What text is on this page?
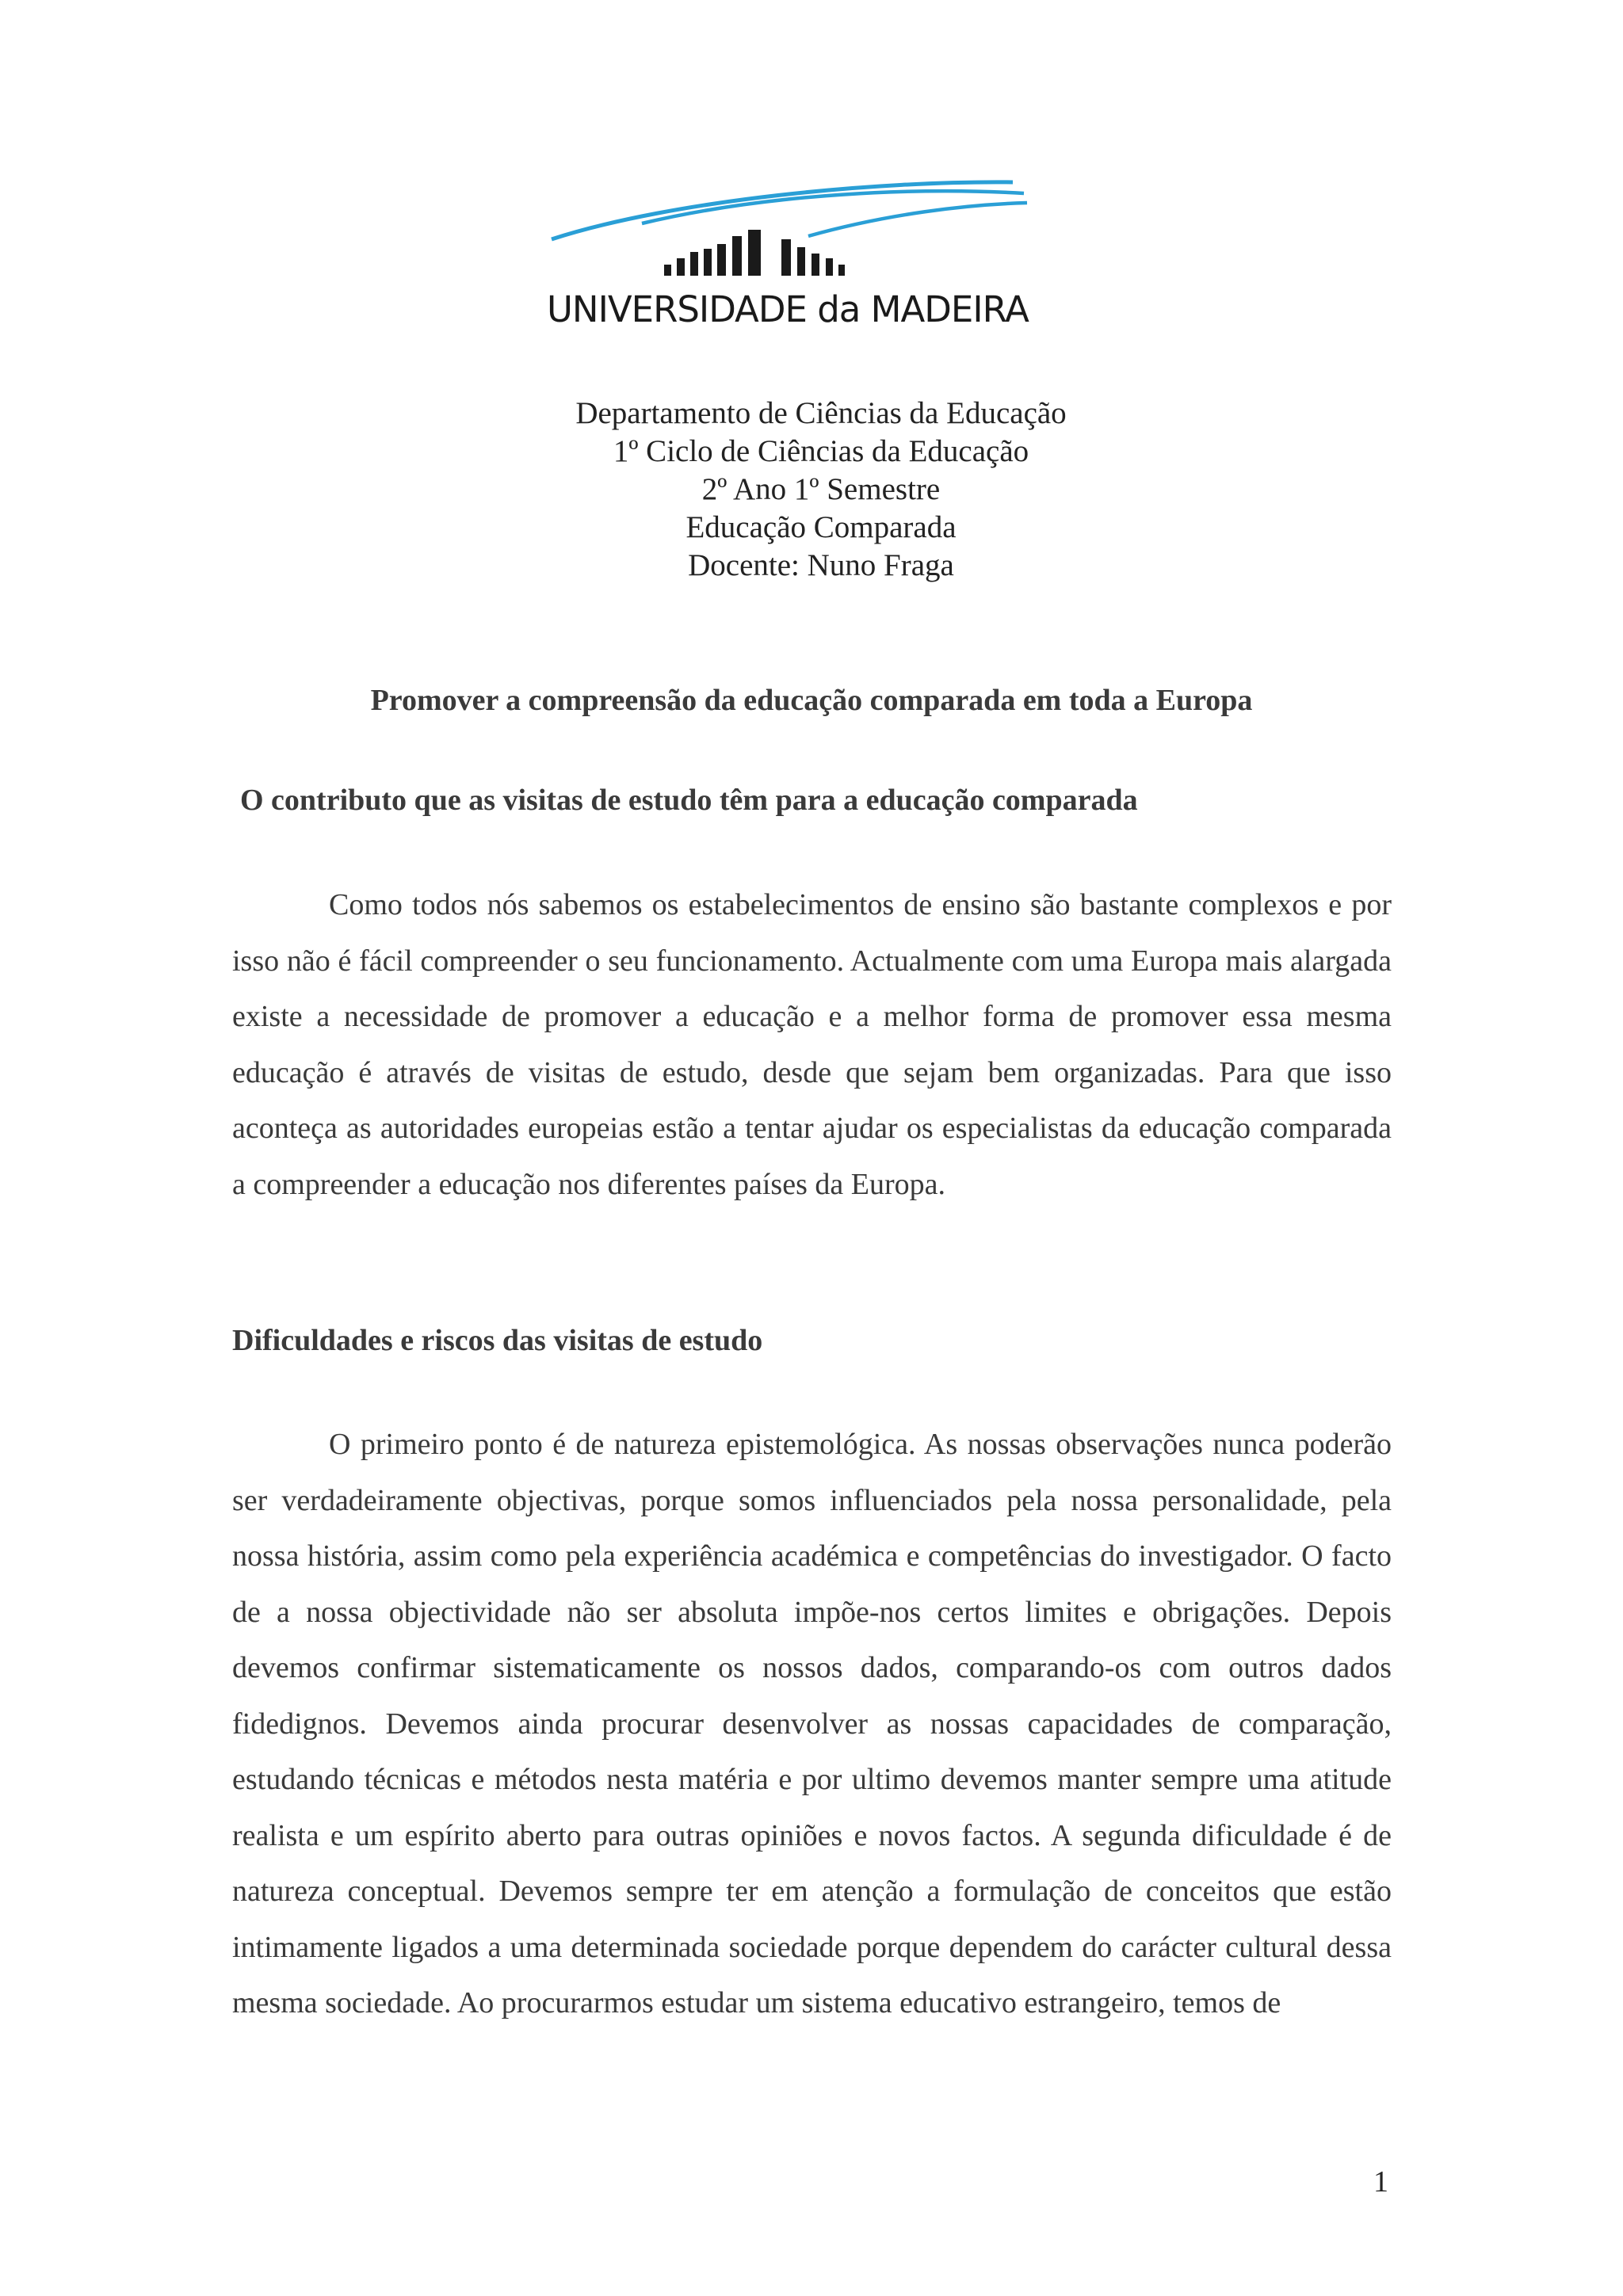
UNIVERSIDADE da MADEIRA
Departamento de Ciências da Educação
1º Ciclo de Ciências da Educação
2º Ano 1º Semestre
Educação Comparada
Docente: Nuno Fraga
Promover a compreensão da educação comparada em toda a Europa
O contributo que as visitas de estudo têm para a educação comparada

Como todos nós sabemos os estabelecimentos de ensino são bastante complexos e por isso não é fácil compreender o seu funcionamento. Actualmente com uma Europa mais alargada existe a necessidade de promover a educação e a melhor forma de promover essa mesma educação é através de visitas de estudo, desde que sejam bem organizadas. Para que isso aconteça as autoridades europeias estão a tentar ajudar os especialistas da educação comparada a compreender a educação nos diferentes países da Europa.

Dificuldades e riscos das visitas de estudo

O primeiro ponto é de natureza epistemológica. As nossas observações nunca poderão ser verdadeiramente objectivas, porque somos influenciados pela nossa personalidade, pela nossa história, assim como pela experiência académica e competências do investigador. O facto de a nossa objectividade não ser absoluta impõe-nos certos limites e obrigações. Depois devemos confirmar sistematicamente os nossos dados, comparando-os com outros dados fidedignos. Devemos ainda procurar desenvolver as nossas capacidades de comparação, estudando técnicas e métodos nesta matéria e por ultimo devemos manter sempre uma atitude realista e um espírito aberto para outras opiniões e novos factos. A segunda dificuldade é de natureza conceptual. Devemos sempre ter em atenção a formulação de conceitos que estão intimamente ligados a uma determinada sociedade porque dependem do carácter cultural dessa mesma sociedade. Ao procurarmos estudar um sistema educativo estrangeiro, temos de

1
